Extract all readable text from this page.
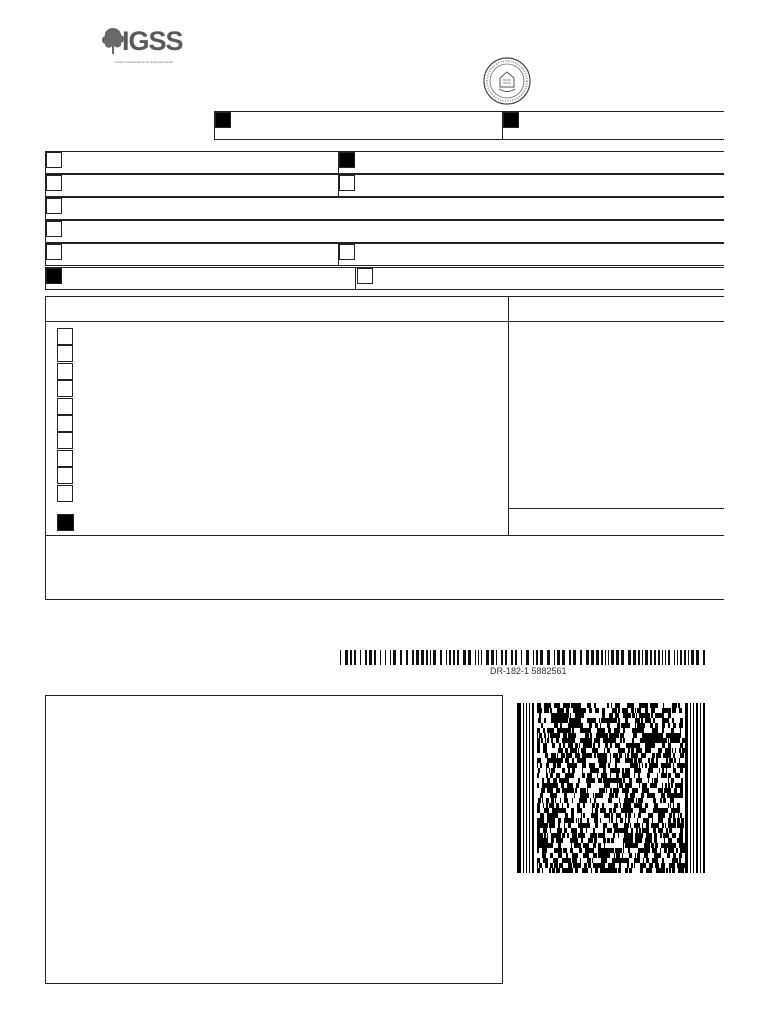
IGSS
Instituto Guatemalteco de Seguridad Social
DR-182-1 5882561
